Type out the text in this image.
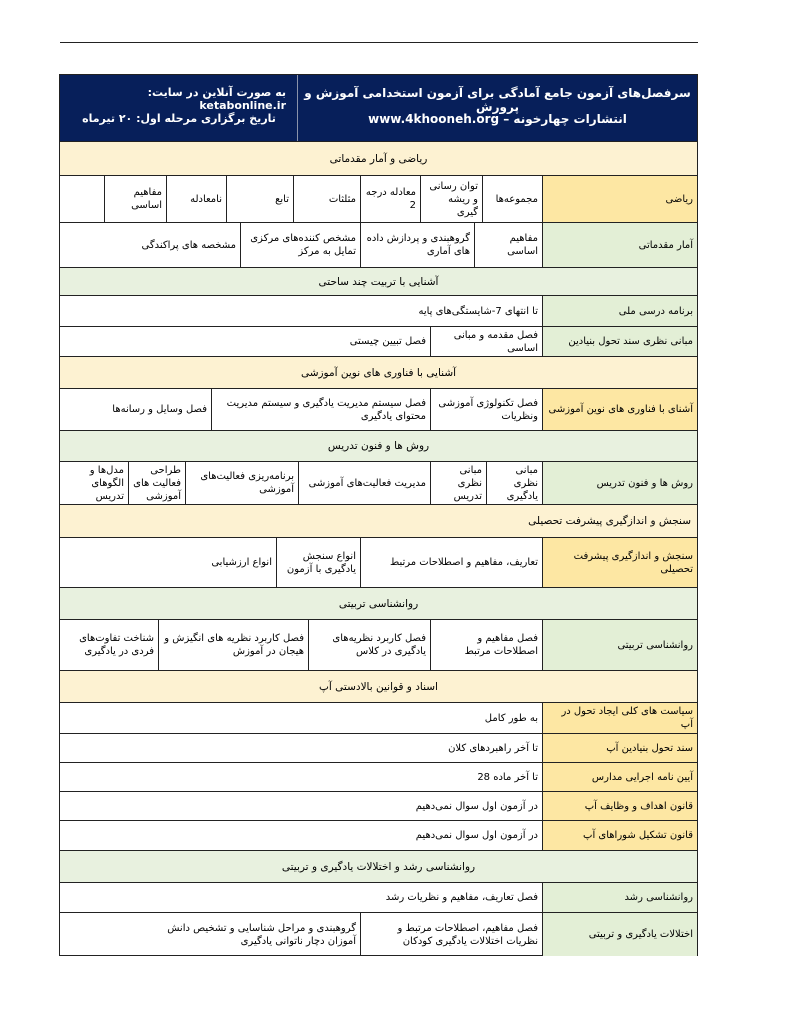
سرفصل‌های آزمون جامع آمادگی برای آزمون استخدامی آموزش و پرورش
انتشارات چهارخونه – www.4khooneh.org
به صورت آنلاین در سایت: ketabonline.ir
تاریخ برگزاری مرحله اول: ۲۰ تیرماه
ریاضی و آمار مقدماتی
ریاضی
مجموعه‌ها
توان رسانی و ریشه گیری
معادله درجه 2
مثلثات
تابع
نامعادله
مفاهیم اساسی
آمار مقدماتی
مفاهیم اساسی
گروهبندی و پردازش داده های آماری
مشخص کننده‌های مرکزی تمایل به مرکز
مشخصه های پراکندگی
آشنایی با تربیت چند ساحتی
برنامه درسی ملی
تا انتهای 7-شایستگی‌های پایه
مبانی نظری سند تحول بنیادین
فصل مقدمه و مبانی اساسی
فصل تبیین چیستی
آشنایی با فناوری های نوین آموزشی
آشنای با فناوری های نوین آموزشی
فصل تکنولوژی آموزشی ونظریات
فصل سیستم مدیریت یادگیری و سیستم مدیریت محتوای یادگیری
فصل وسایل و رسانه‌ها
روش ها و فنون تدریس
روش ها و فنون تدریس
مبانی نظری یادگیری
مبانی نظری تدریس
مدیریت فعالیت‌های آموزشی
برنامه‌ریزی فعالیت‌های آموزشی
طراحی فعالیت های آموزشی
مدل‌ها و الگوهای تدریس
سنجش و اندازگیری پیشرفت تحصیلی
سنجش و اندازگیری پیشرفت تحصیلی
تعاریف، مفاهیم و اصطلاحات مرتبط
انواع سنجش یادگیری با آزمون
انواع ارزشیابی
روانشناسی تربیتی
روانشناسی تربیتی
فصل مفاهیم و اصطلاحات مرتبط
فصل کاربرد نظریه‌های یادگیری در کلاس
فصل کاربرد نظریه های انگیزش و هیجان در آموزش
شناخت تفاوت‌های فردی در یادگیری
اسناد و قوانین بالادستی آپ
سیاست های کلی ایجاد تحول در آپ
به طور کامل
سند تحول بنیادین آپ
تا آخر راهبردهای کلان
آیین نامه اجرایی مدارس
تا آخر ماده 28
قانون اهداف و وظایف آپ
در آزمون اول سوال نمی‌دهیم
قانون تشکیل شوراهای آپ
در آزمون اول سوال نمی‌دهیم
روانشناسی رشد و اختلالات یادگیری و تربیتی
روانشناسی رشد
فصل تعاریف، مفاهیم و نظریات رشد
اختلالات یادگیری و تربیتی
فصل مفاهیم، اصطلاحات مرتبط و نظریات اختلالات یادگیری کودکان
گروهبندی و مراحل شناسایی و تشخیص دانش آموزان دچار ناتوانی یادگیری
